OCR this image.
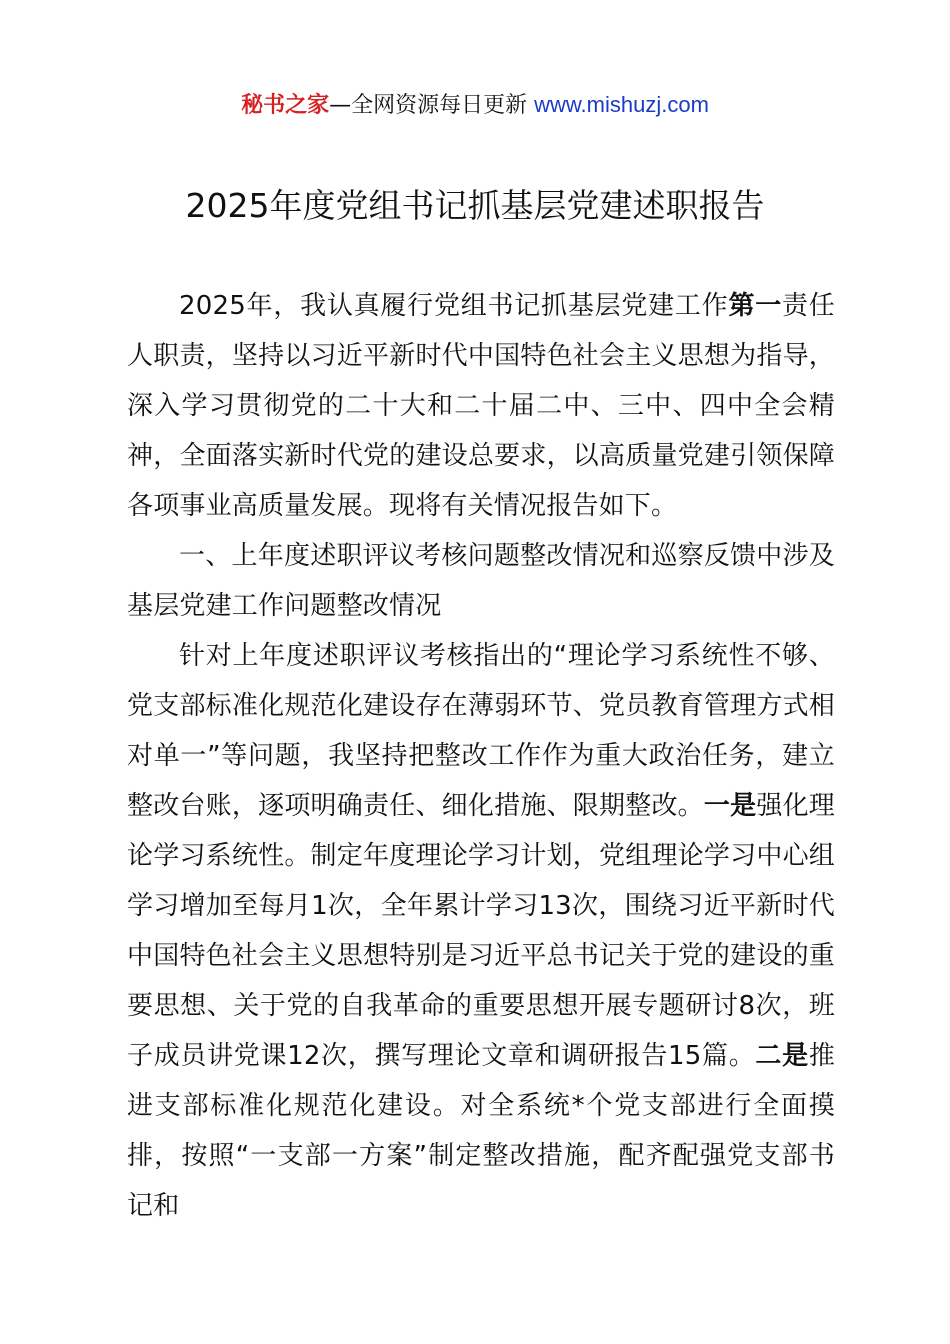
秘书之家—全网资源每日更新 www.mishuzj.com
2025年度党组书记抓基层党建述职报告

2025年，我认真履行党组书记抓基层党建工作第一责任人职责，坚持以习近平新时代中国特色社会主义思想为指导，深入学习贯彻党的二十大和二十届二中、三中、四中全会精神，全面落实新时代党的建设总要求，以高质量党建引领保障各项事业高质量发展。现将有关情况报告如下。

一、上年度述职评议考核问题整改情况和巡察反馈中涉及基层党建工作问题整改情况

针对上年度述职评议考核指出的“理论学习系统性不够、党支部标准化规范化建设存在薄弱环节、党员教育管理方式相对单一”等问题，我坚持把整改工作作为重大政治任务，建立整改台账，逐项明确责任、细化措施、限期整改。一是强化理论学习系统性。制定年度理论学习计划，党组理论学习中心组学习增加至每月1次，全年累计学习13次，围绕习近平新时代中国特色社会主义思想特别是习近平总书记关于党的建设的重要思想、关于党的自我革命的重要思想开展专题研讨8次，班子成员讲党课12次，撰写理论文章和调研报告15篇。二是推进支部标准化规范化建设。对全系统*个党支部进行全面摸排，按照“一支部一方案”制定整改措施，配齐配强党支部书记和
